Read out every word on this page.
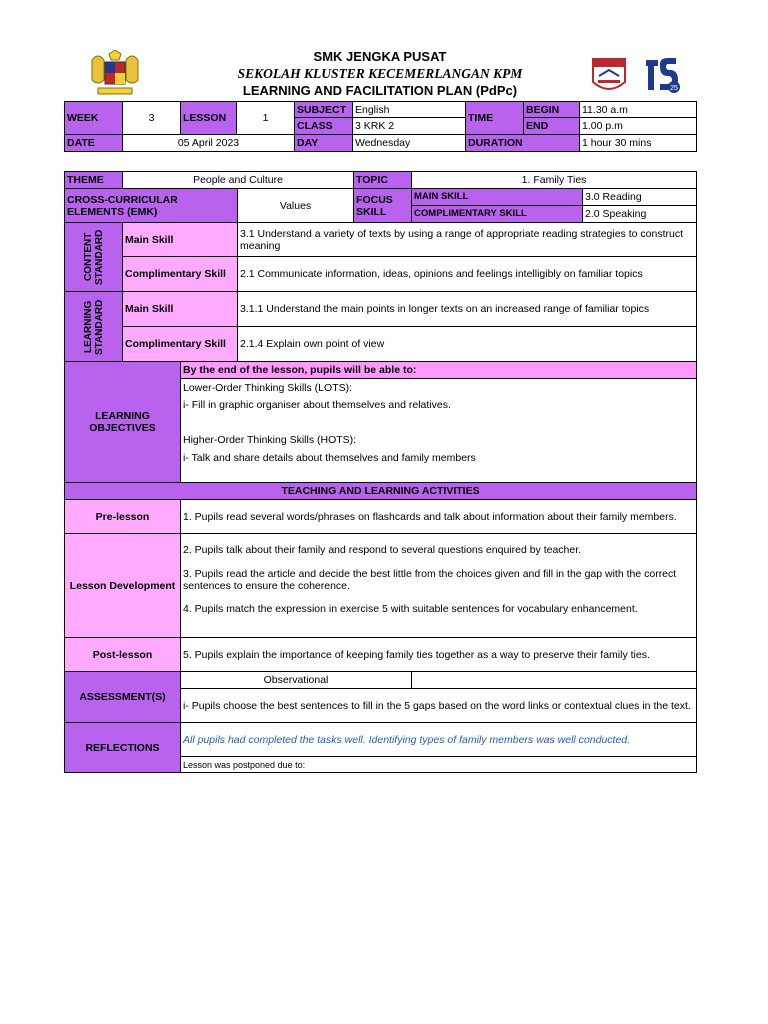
SMK JENGKA PUSAT
SEKOLAH KLUSTER KECEMERLANGAN KPM
LEARNING AND FACILITATION PLAN (PdPc)	25
WEEK	3	LESSON	1	SUBJECT	English	TIME	BEGIN	11.30 a.m
				CLASS	3 KRK 2		END	1.00 p.m
DATE	05 April 2023			DAY	Wednesday	DURATION		1 hour 30 mins
THEME	People and Culture			TOPIC	1. Family Ties	
CROSS-CURRICULAR ELEMENTS (EMK)			Values	FOCUS SKILL	MAIN SKILL	3.0 Reading
					COMPLIMENTARY SKILL	2.0 Speaking

CONTENT STANDARD	Main Skill		3.1 Understand a variety of texts by using a range of appropriate reading strategies to construct meaning			
	Complimentary Skill		2.1 Communicate information, ideas, opinions and feelings intelligibly on familiar topics			

LEARNING STANDARD	Main Skill		3.1.1 Understand the main points in longer texts on an increased range of familiar topics			
	Complimentary Skill		2.1.4 Explain own point of view			
LEARNING OBJECTIVES		By the end of the lesson, pupils will be able to:				

		Lower-Order Thinking Skills (LOTS):
i- Fill in graphic organiser about themselves and relatives.
Higher-Order Thinking Skills (HOTS):
i- Talk and share details about themselves and family members				

TEACHING AND LEARNING ACTIVITIES						
Pre-lesson		1. Pupils read several words/phrases on flashcards and talk about information about their family members.				
Lesson Development		2. Pupils talk about their family and respond to several questions enquired by teacher.
3. Pupils read the article and decide the best little from the choices given and fill in the gap with the correct sentences to ensure the coherence.
4. Pupils match the expression in exercise 5 with suitable sentences for vocabulary enhancement.				

Post-lesson		5. Pupils explain the importance of keeping family ties together as a way to preserve their family ties.				
ASSESSMENT(S)		Observational				
		i- Pupils choose the best sentences to fill in the 5 gaps based on the word links or contextual clues in the text.				
REFLECTIONS		All pupils had completed the tasks well. Identifying types of family members was well conducted.				
		Lesson was postponed due to:				
